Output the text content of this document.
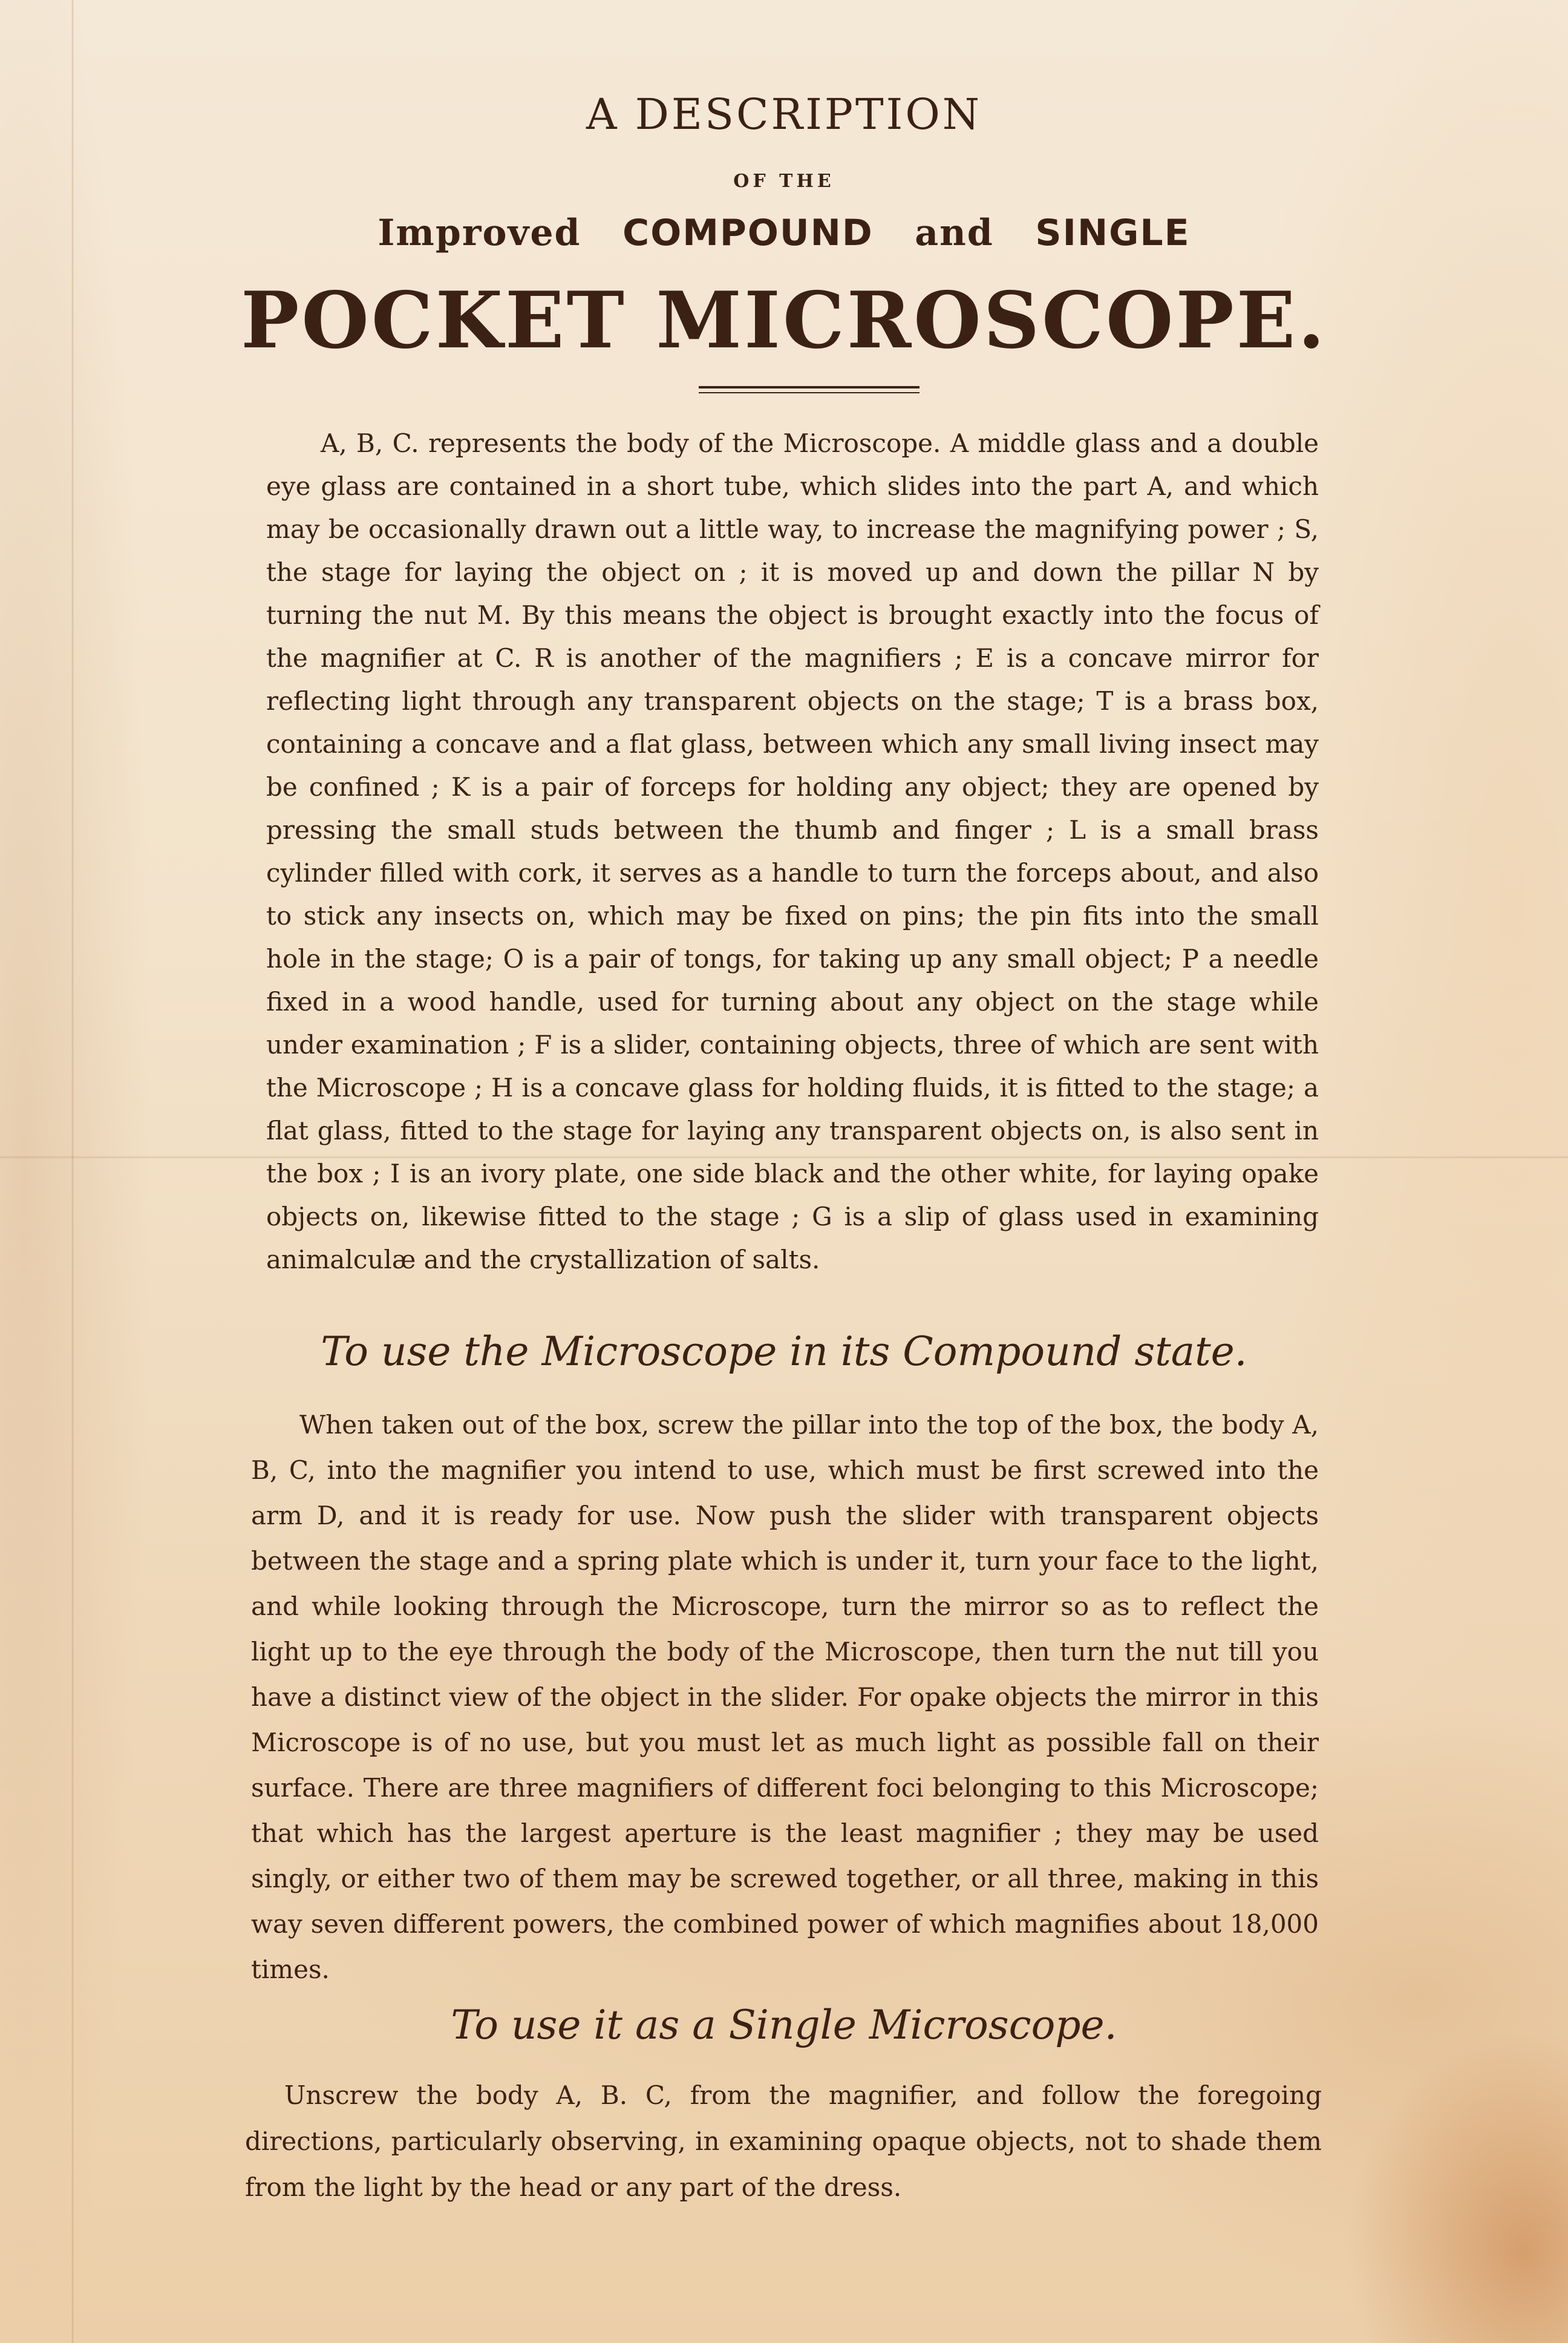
A DESCRIPTION
OF THE
Improved COMPOUND and SINGLE
POCKET MICROSCOPE.

A, B, C. represents the body of the Microscope. A middle glass and a double eye glass are contained in a short tube, which slides into the part A, and which may be occasionally drawn out a little way, to increase the magnifying power ; S, the stage for laying the object on ; it is moved up and down the pillar N by turning the nut M. By this means the object is brought exactly into the focus of the magnifier at C. R is another of the magnifiers ; E is a concave mirror for reflecting light through any transparent objects on the stage; T is a brass box, containing a concave and a flat glass, between which any small living insect may be confined ; K is a pair of forceps for holding any object; they are opened by pressing the small studs between the thumb and finger ; L is a small brass cylinder filled with cork, it serves as a handle to turn the forceps about, and also to stick any insects on, which may be fixed on pins; the pin fits into the small hole in the stage; O is a pair of tongs, for taking up any small object; P a needle fixed in a wood handle, used for turning about any object on the stage while under examination ; F is a slider, containing objects, three of which are sent with the Microscope ; H is a concave glass for holding fluids, it is fitted to the stage; a flat glass, fitted to the stage for laying any transparent objects on, is also sent in the box ; I is an ivory plate, one side black and the other white, for laying opake objects on, likewise fitted to the stage ; G is a slip of glass used in examining animalculæ and the crystallization of salts.

To use the Microscope in its Compound state.

When taken out of the box, screw the pillar into the top of the box, the body A, B, C, into the magnifier you intend to use, which must be first screwed into the arm D, and it is ready for use. Now push the slider with transparent objects between the stage and a spring plate which is under it, turn your face to the light, and while looking through the Microscope, turn the mirror so as to reflect the light up to the eye through the body of the Microscope, then turn the nut till you have a distinct view of the object in the slider. For opake objects the mirror in this Microscope is of no use, but you must let as much light as possible fall on their surface. There are three magnifiers of different foci belonging to this Microscope; that which has the largest aperture is the least magnifier ; they may be used singly, or either two of them may be screwed together, or all three, making in this way seven different powers, the combined power of which magnifies about 18,000 times.

To use it as a Single Microscope.

Unscrew the body A, B. C, from the magnifier, and follow the foregoing directions, particularly observing, in examining opaque objects, not to shade them from the light by the head or any part of the dress.
